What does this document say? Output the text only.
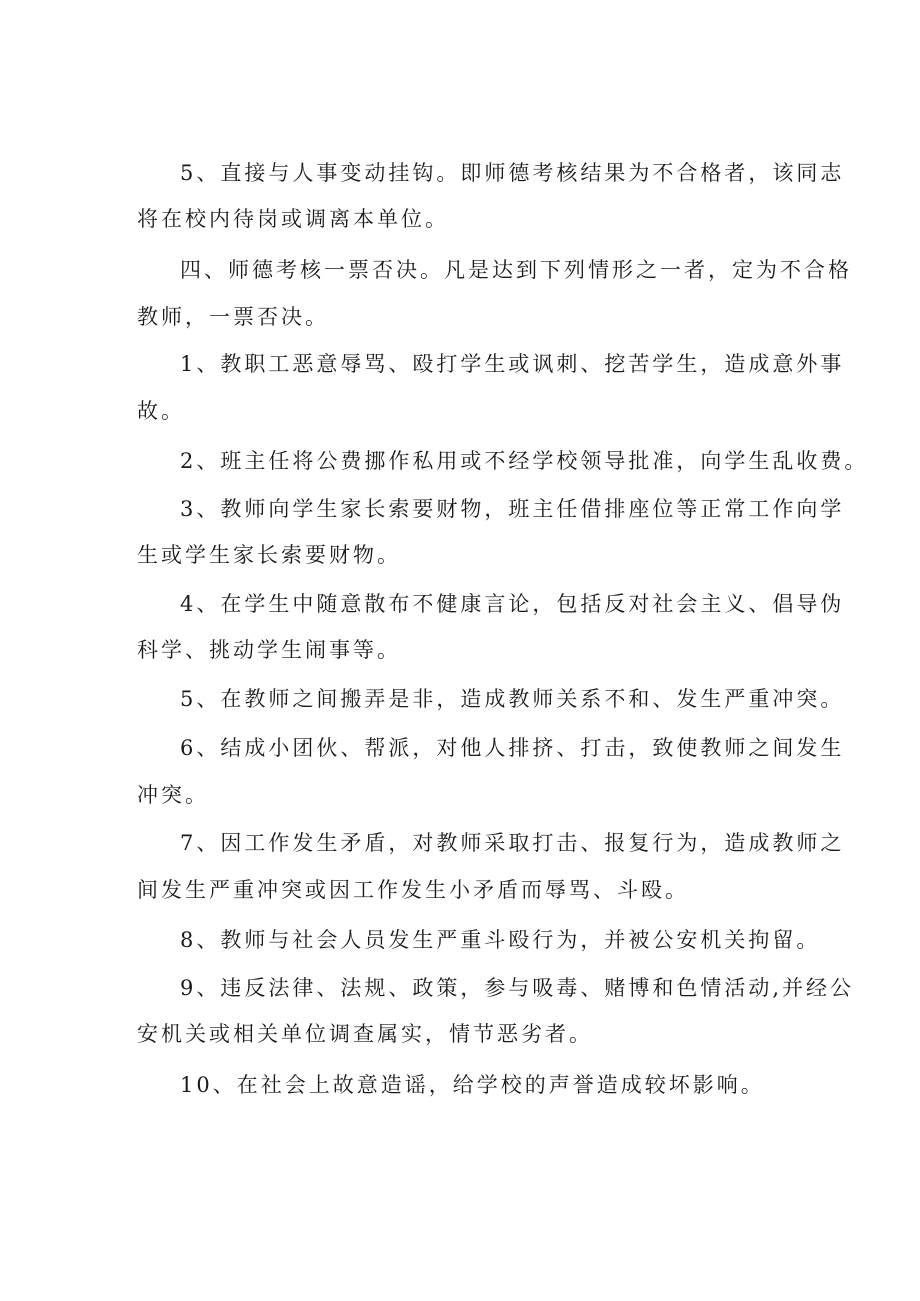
5、直接与人事变动挂钩。即师德考核结果为不合格者，该同志

将在校内待岗或调离本单位。

四、师德考核一票否决。凡是达到下列情形之一者，定为不合格

教师，一票否决。

1、教职工恶意辱骂、殴打学生或讽刺、挖苦学生，造成意外事

故。

2、班主任将公费挪作私用或不经学校领导批准，向学生乱收费。

3、教师向学生家长索要财物，班主任借排座位等正常工作向学

生或学生家长索要财物。

4、在学生中随意散布不健康言论，包括反对社会主义、倡导伪

科学、挑动学生闹事等。

5、在教师之间搬弄是非，造成教师关系不和、发生严重冲突。

6、结成小团伙、帮派，对他人排挤、打击，致使教师之间发生

冲突。

7、因工作发生矛盾，对教师采取打击、报复行为，造成教师之

间发生严重冲突或因工作发生小矛盾而辱骂、斗殴。

8、教师与社会人员发生严重斗殴行为，并被公安机关拘留。

9、违反法律、法规、政策，参与吸毒、赌博和色情活动,并经公

安机关或相关单位调查属实，情节恶劣者。

10、在社会上故意造谣，给学校的声誉造成较坏影响。
